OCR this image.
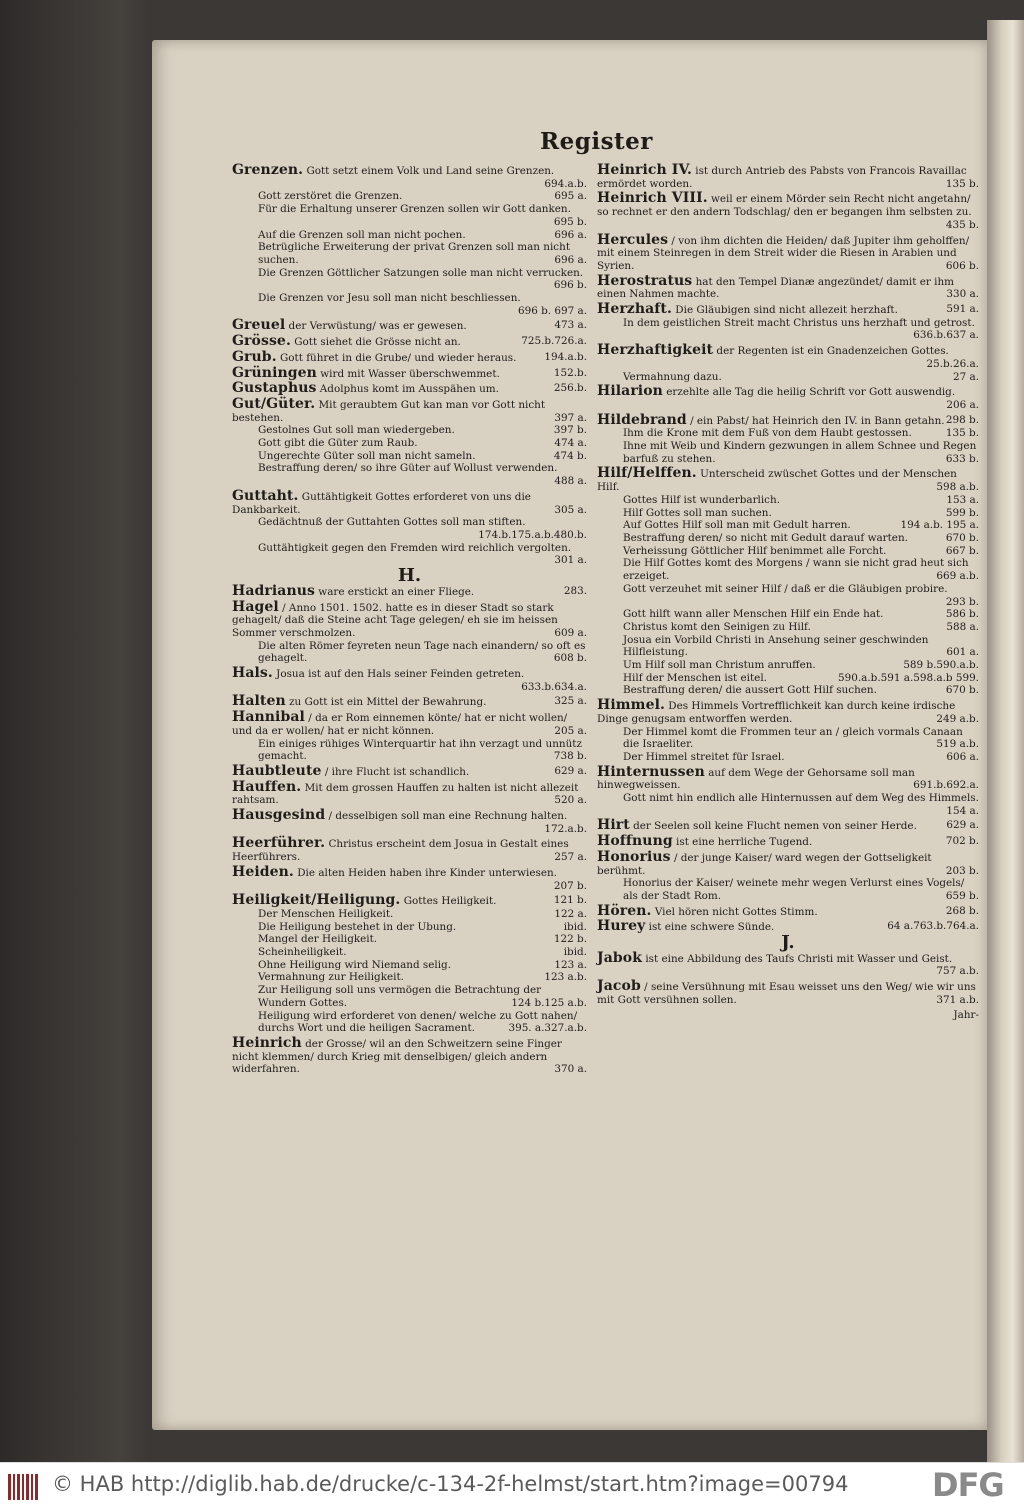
Register
Grenzen. Gott setzt einem Volk und Land seine Grenzen.
694.a.b.
Gott zerstöret die Grenzen.	695 a.
Für die Erhaltung unserer Grenzen sollen wir Gott danken.
695 b.
Auf die Grenzen soll man nicht pochen.	696 a.
Betrügliche Erweiterung der privat Grenzen soll man nicht suchen.	696 a.
Die Grenzen Göttlicher Satzungen solle man nicht verrucken.
696 b.
Die Grenzen vor Jesu soll man nicht beschliessen.
696 b. 697 a.
Greuel der Verwüstung/ was er gewesen.	473 a.
Grösse. Gott siehet die Grösse nicht an.	725.b.726.a.
Grub. Gott führet in die Grube/ und wieder heraus.	194.a.b.
Grüningen wird mit Wasser überschwemmet.	152.b.
Gustaphus Adolphus komt im Ausspähen um.	256.b.
Gut/Güter. Mit geraubtem Gut kan man vor Gott nicht bestehen.	397 a.
Gestolnes Gut soll man wiedergeben.	397 b.
Gott gibt die Güter zum Raub.	474 a.
Ungerechte Güter soll man nicht sameln.	474 b.
Bestraffung deren/ so ihre Güter auf Wollust verwenden.
488 a.
Guttaht. Guttähtigkeit Gottes erforderet von uns die Dankbarkeit.	305 a.
Gedächtnuß der Guttahten Gottes soll man stiften.
174.b.175.a.b.480.b.
Guttähtigkeit gegen den Fremden wird reichlich vergolten.
301 a.
H.
Hadrianus ware erstickt an einer Fliege.	283.
Hagel / Anno 1501. 1502. hatte es in dieser Stadt so stark gehagelt/ daß die Steine acht Tage gelegen/ eh sie im heissen Sommer verschmolzen.	609 a.
Die alten Römer feyreten neun Tage nach einandern/ so oft es gehagelt.	608 b.
Hals. Josua ist auf den Hals seiner Feinden getreten.
633.b.634.a.
Halten zu Gott ist ein Mittel der Bewahrung.	325 a.
Hannibal / da er Rom einnemen könte/ hat er nicht wollen/ und da er wollen/ hat er nicht können.	205 a.
Ein einiges rühiges Winterquartir hat ihn verzagt und unnütz gemacht.	738 b.
Haubtleute / ihre Flucht ist schandlich.	629 a.
Hauffen. Mit dem grossen Hauffen zu halten ist nicht allezeit rahtsam.	520 a.
Hausgesind / desselbigen soll man eine Rechnung halten.
172.a.b.
Heerführer. Christus erscheint dem Josua in Gestalt eines Heerführers.	257 a.
Heiden. Die alten Heiden haben ihre Kinder unterwiesen.
207 b.
Heiligkeit/Heiligung. Gottes Heiligkeit.	121 b.
Der Menschen Heiligkeit.	122 a.
Die Heiligung bestehet in der Ubung.	ibid.
Mangel der Heiligkeit.	122 b.
Scheinheiligkeit.	ibid.
Ohne Heiligung wird Niemand selig.	123 a.
Vermahnung zur Heiligkeit.	123 a.b.
Zur Heiligung soll uns vermögen die Betrachtung der Wundern Gottes.	124 b.125 a.b.
Heiligung wird erforderet von denen/ welche zu Gott nahen/ durchs Wort und die heiligen Sacrament.	395. a.327.a.b.
Heinrich der Grosse/ wil an den Schweitzern seine Finger nicht klemmen/ durch Krieg mit denselbigen/ gleich andern widerfahren.	370 a.
Heinrich IV. ist durch Antrieb des Pabsts von Francois Ravaillac ermördet worden.	135 b.
Heinrich VIII. weil er einem Mörder sein Recht nicht angetahn/ so rechnet er den andern Todschlag/ den er begangen ihm selbsten zu.
435 b.
Hercules / von ihm dichten die Heiden/ daß Jupiter ihm geholffen/ mit einem Steinregen in dem Streit wider die Riesen in Arabien und Syrien.	606 b.
Herostratus hat den Tempel Dianæ angezündet/ damit er ihm einen Nahmen machte.	330 a.
Herzhaft. Die Gläubigen sind nicht allezeit herzhaft.	591 a.
In dem geistlichen Streit macht Christus uns herzhaft und getrost.
636.b.637 a.
Herzhaftigkeit der Regenten ist ein Gnadenzeichen Gottes.
25.b.26.a.
Vermahnung dazu.	27 a.
Hilarion erzehlte alle Tag die heilig Schrift vor Gott auswendig.
206 a.
Hildebrand / ein Pabst/ hat Heinrich den IV. in Bann getahn. 298 b.
Ihm die Krone mit dem Fuß von dem Haubt gestossen.	135 b.
Ihne mit Weib und Kindern gezwungen in allem Schnee und Regen barfuß zu stehen.	633 b.
Hilf/Helffen. Unterscheid zwüschet Gottes und der Menschen Hilf.	598 a.b.
Gottes Hilf ist wunderbarlich.	153 a.
Hilf Gottes soll man suchen.	599 b.
Auf Gottes Hilf soll man mit Gedult harren.	194 a.b. 195 a.
Bestraffung deren/ so nicht mit Gedult darauf warten.	670 b.
Verheissung Göttlicher Hilf benimmet alle Forcht.	667 b.
Die Hilf Gottes komt des Morgens / wann sie nicht grad heut sich erzeiget.	669 a.b.
Gott verzeuhet mit seiner Hilf / daß er die Gläubigen probire.
293 b.
Gott hilft wann aller Menschen Hilf ein Ende hat.	586 b.
Christus komt den Seinigen zu Hilf.	588 a.
Josua ein Vorbild Christi in Ansehung seiner geschwinden Hilfleistung.	601 a.
Um Hilf soll man Christum anruffen.	589 b.590.a.b.
Hilf der Menschen ist eitel.	590.a.b.591 a.598.a.b 599.
Bestraffung deren/ die aussert Gott Hilf suchen.	670 b.
Himmel. Des Himmels Vortrefflichkeit kan durch keine irdische Dinge genugsam entworffen werden.	249 a.b.
Der Himmel komt die Frommen teur an / gleich vormals Canaan die Israeliter.	519 a.b.
Der Himmel streitet für Israel.	606 a.
Hinternussen auf dem Wege der Gehorsame soll man hinwegweissen.	691.b.692.a.
Gott nimt hin endlich alle Hinternussen auf dem Weg des Himmels.
154 a.
Hirt der Seelen soll keine Flucht nemen von seiner Herde.	629 a.
Hoffnung ist eine herrliche Tugend.	702 b.
Honorius / der junge Kaiser/ ward wegen der Gottseligkeit berühmt.	203 b.
Honorius der Kaiser/ weinete mehr wegen Verlurst eines Vogels/ als der Stadt Rom.	659 b.
Hören. Viel hören nicht Gottes Stimm.	268 b.
Hurey ist eine schwere Sünde.	64 a.763.b.764.a.
J.
Jabok ist eine Abbildung des Taufs Christi mit Wasser und Geist.
757 a.b.
Jacob / seine Versühnung mit Esau weisset uns den Weg/ wie wir uns mit Gott versühnen sollen.	371 a.b.
Jahr-
© HAB http://diglib.hab.de/drucke/c-134-2f-helmst/start.htm?image=00794	DFG
